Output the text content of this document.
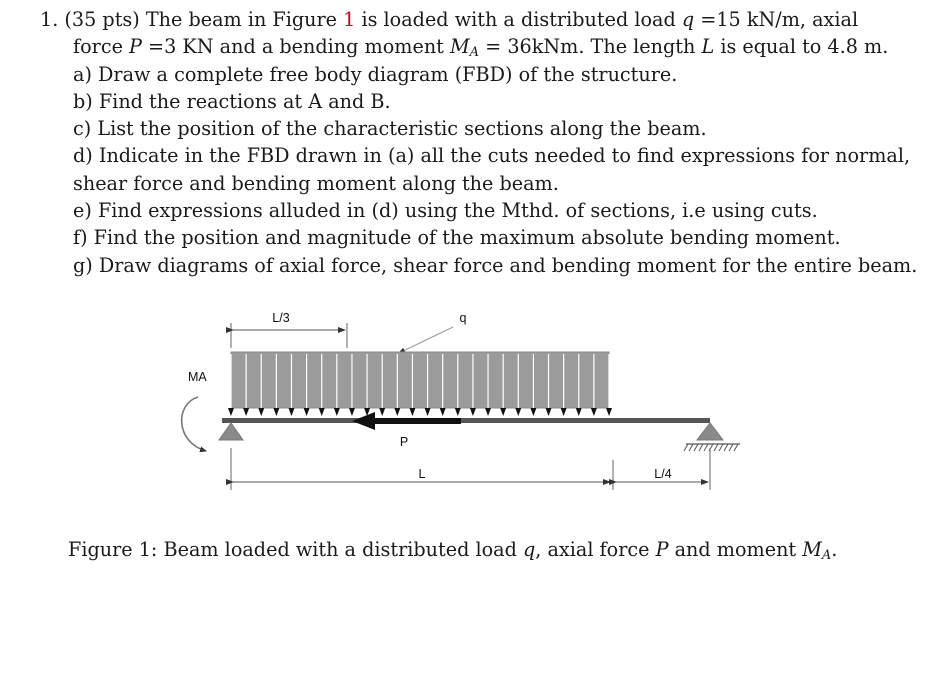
1. (35 pts) The beam in Figure 1 is loaded with a distributed load q =15 kN/m, axial
force P =3 KN and a bending moment $M_A = 36kNm$. The length L is equal to 4.8 m.
a) Draw a complete free body diagram (FBD) of the structure.
b) Find the reactions at A and B.
c) List the position of the characteristic sections along the beam.
d) Indicate in the FBD drawn in (a) all the cuts needed to find expressions for normal,
shear force and bending moment along the beam.
e) Find expressions alluded in (d) using the Mthd. of sections, i.e using cuts.
f) Find the position and magnitude of the maximum absolute bending moment.
g) Draw diagrams of axial force, shear force and bending moment for the entire beam.
L/3	q
P
MA
L	L/4
Figure 1: Beam loaded with a distributed load q, axial force P and moment $M_A$.
